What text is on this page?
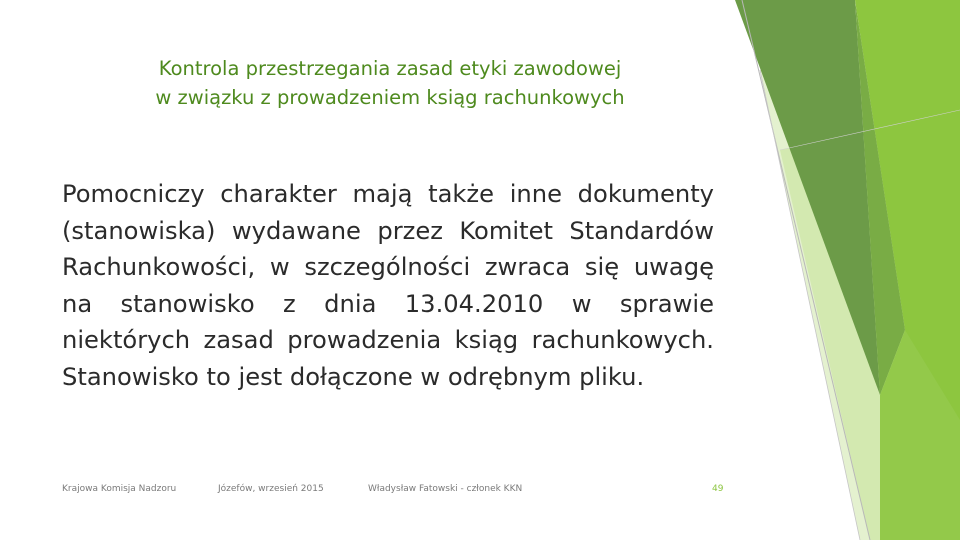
Kontrola przestrzegania zasad etyki zawodowej
w związku z prowadzeniem ksiąg rachunkowych
Pomocniczy charakter mają także inne dokumenty (stanowiska) wydawane przez Komitet Standardów Rachunkowości, w szczególności zwraca się uwagę na stanowisko z dnia 13.04.2010 w sprawie niektórych zasad prowadzenia ksiąg rachunkowych. Stanowisko to jest dołączone w odrębnym pliku.
Krajowa Komisja Nadzoru	Józefów, wrzesień 2015	Władysław Fatowski - członek KKN	49
